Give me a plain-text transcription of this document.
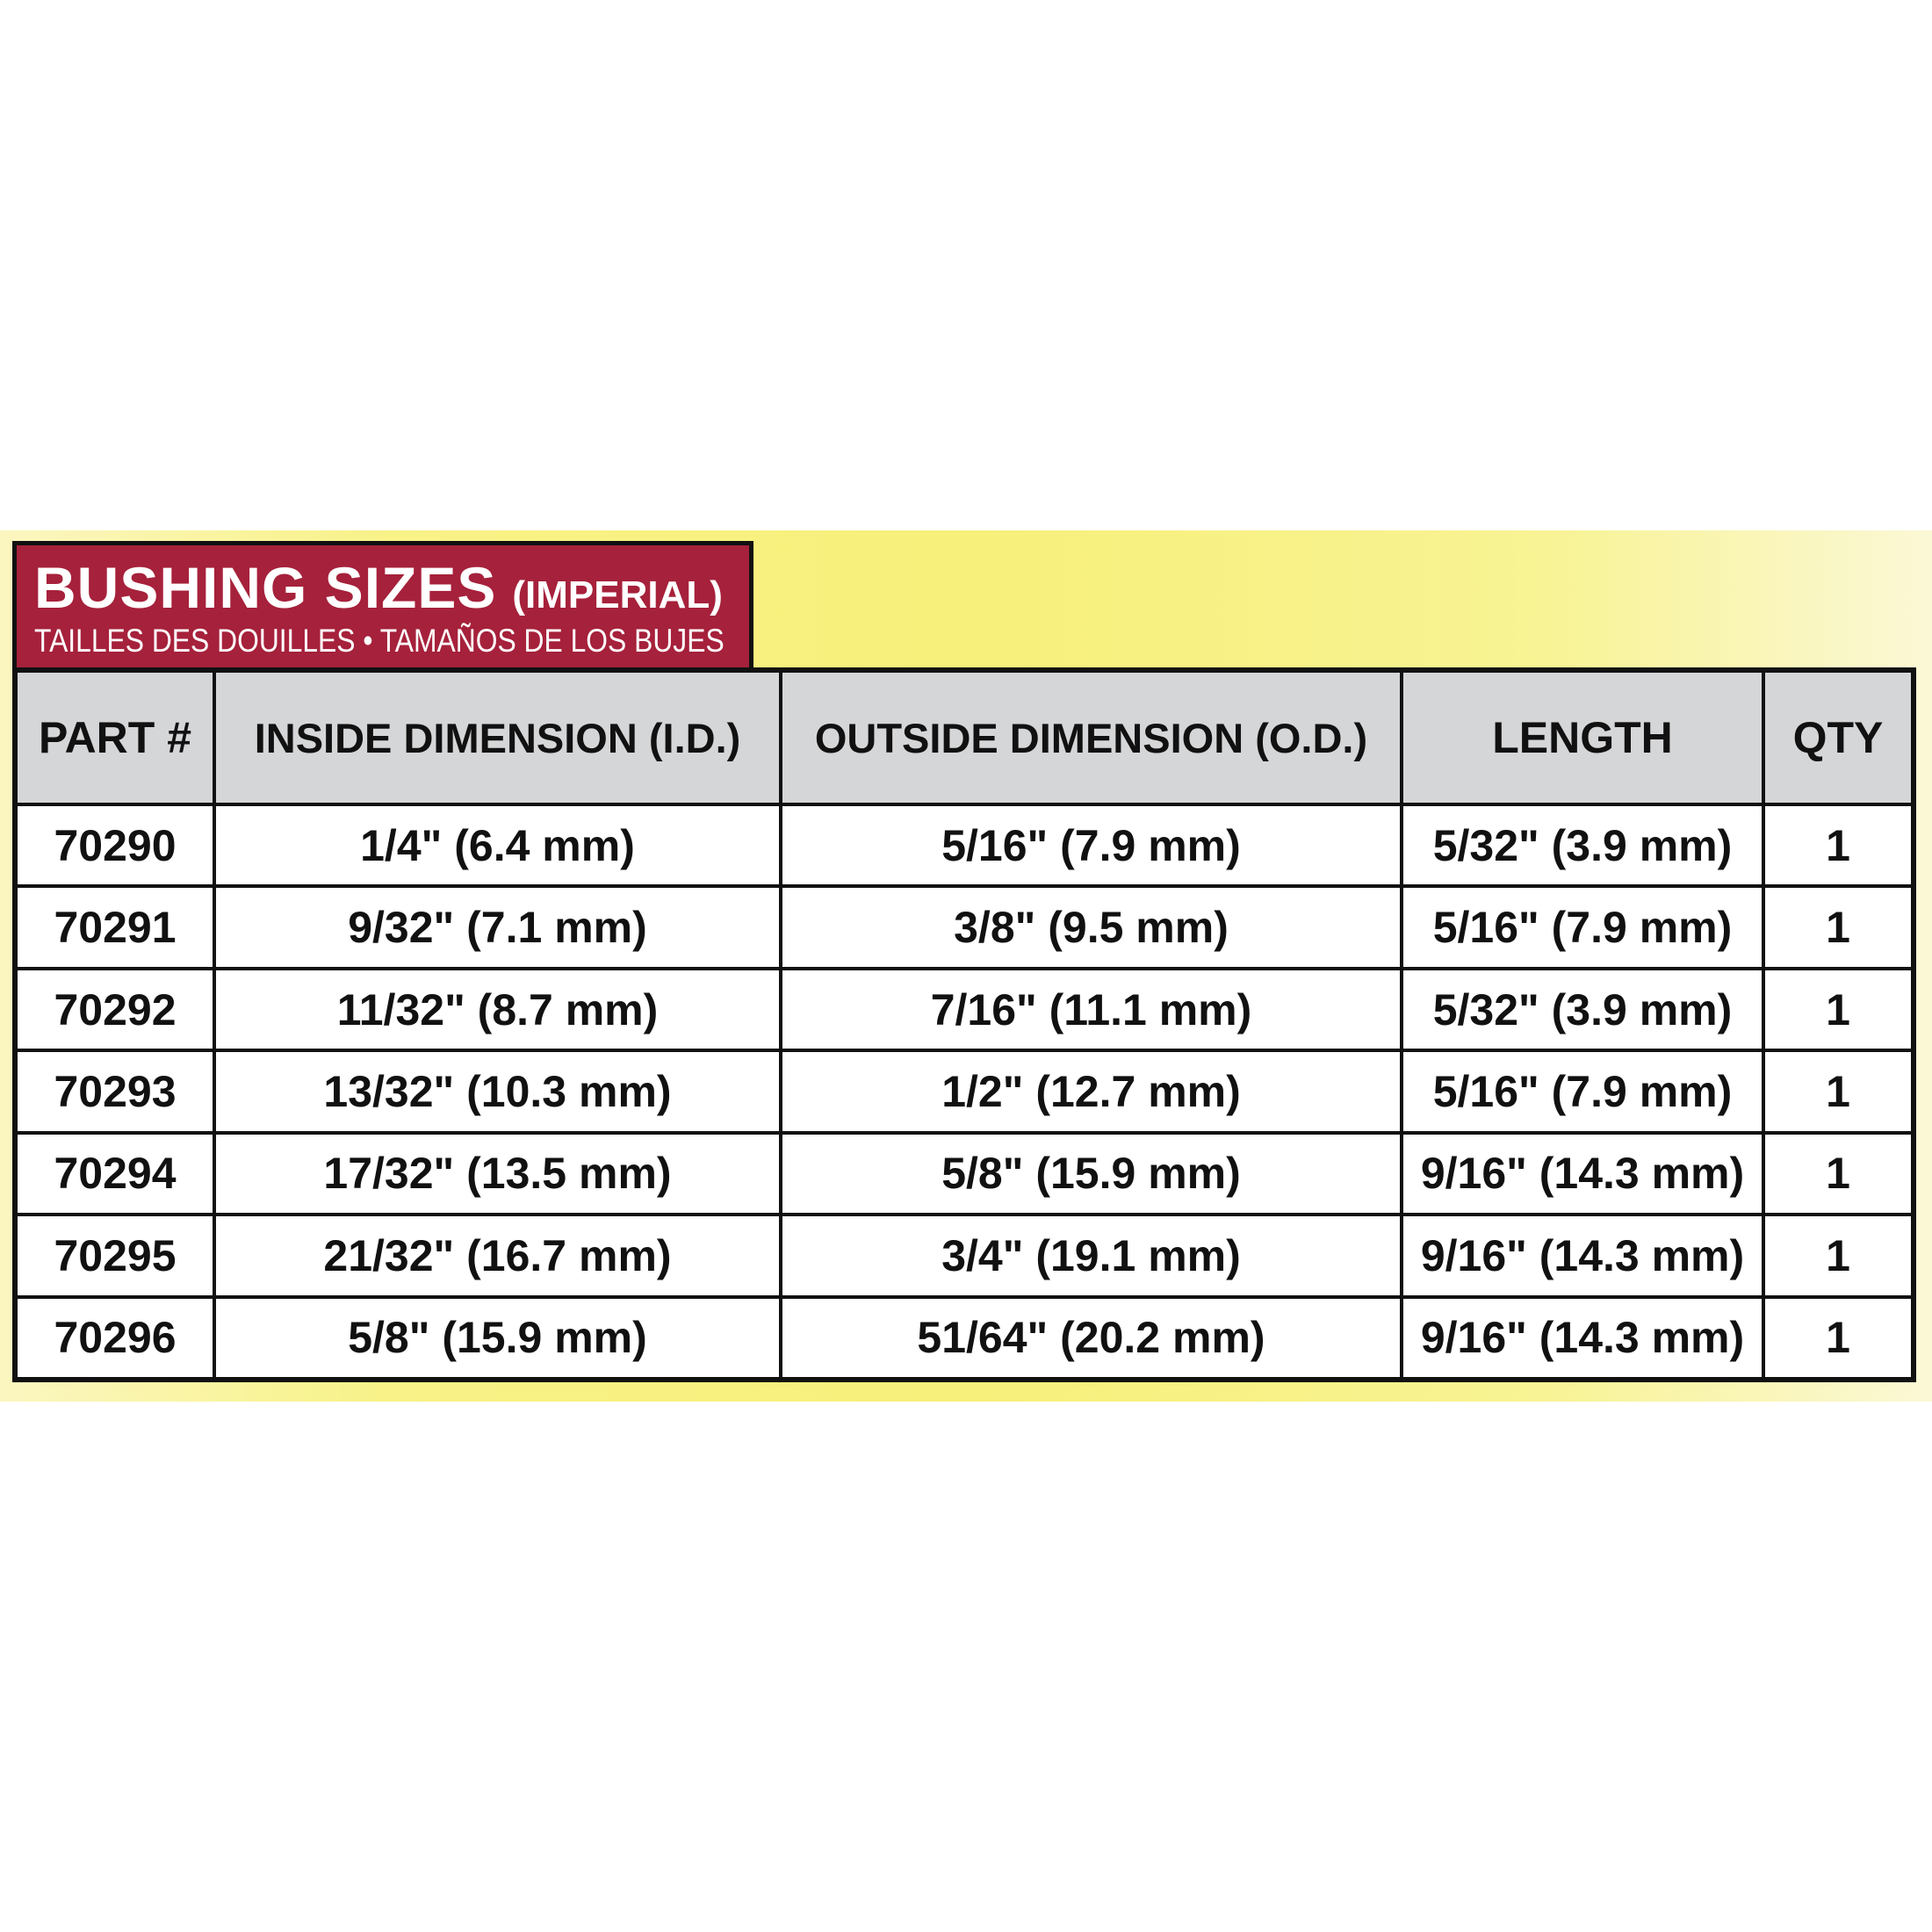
BUSHING SIZES (IMPERIAL)
TAILLES DES DOUILLES • TAMAÑOS DE LOS BUJES
PART #	INSIDE DIMENSION (I.D.)	OUTSIDE DIMENSION (O.D.)	LENGTH	QTY
70290	1/4" (6.4 mm)	5/16" (7.9 mm)	5/32" (3.9 mm)	1
70291	9/32" (7.1 mm)	3/8" (9.5 mm)	5/16" (7.9 mm)	1
70292	11/32" (8.7 mm)	7/16" (11.1 mm)	5/32" (3.9 mm)	1
70293	13/32" (10.3 mm)	1/2" (12.7 mm)	5/16" (7.9 mm)	1
70294	17/32" (13.5 mm)	5/8" (15.9 mm)	9/16" (14.3 mm)	1
70295	21/32" (16.7 mm)	3/4" (19.1 mm)	9/16" (14.3 mm)	1
70296	5/8" (15.9 mm)	51/64" (20.2 mm)	9/16" (14.3 mm)	1
